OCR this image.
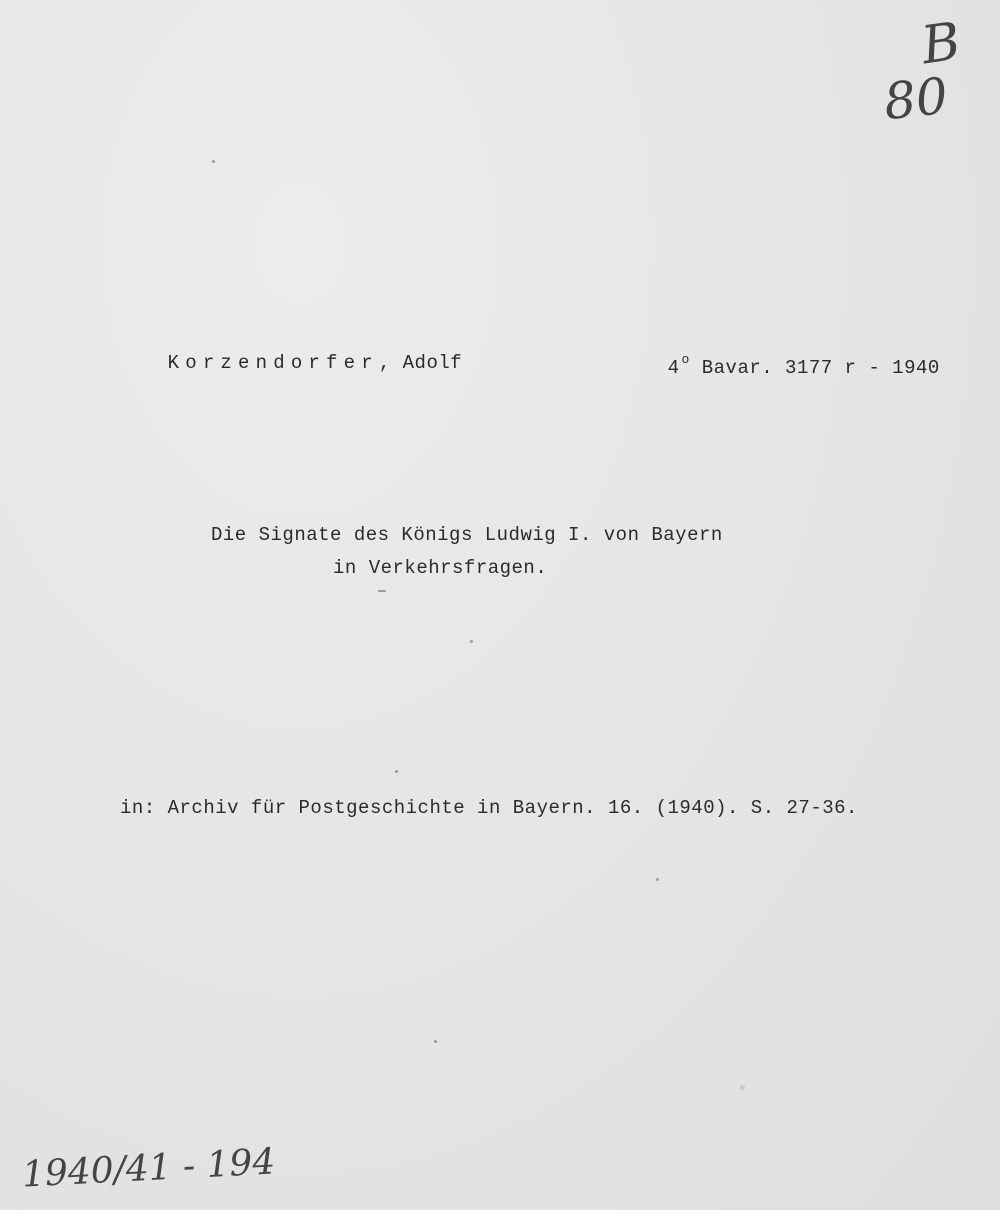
B
80

Korzendorfer, Adolf
	4 $^o$ Bavar. 3177 r - 1940

Die Signate des Königs Ludwig I. von Bayern
in Verkehrsfragen.
in: Archiv für Postgeschichte in Bayern. 16. (1940). S. 27-36.
1940/41 - 194
